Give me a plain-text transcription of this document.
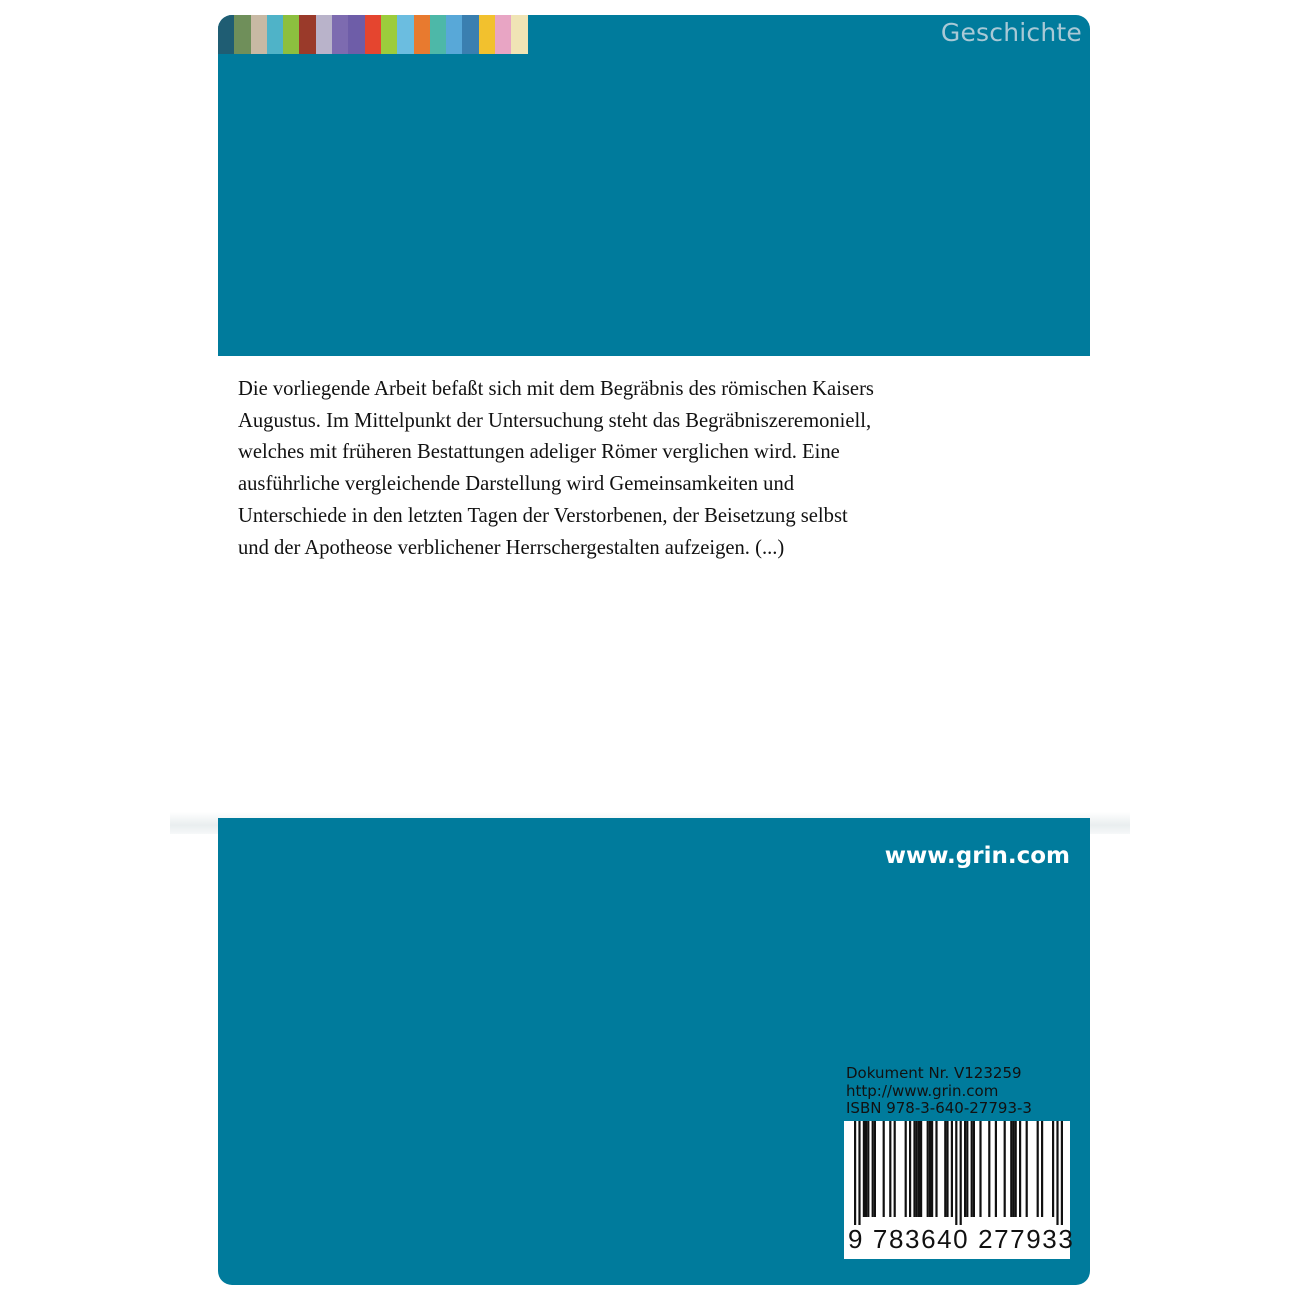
Geschichte
Die vorliegende Arbeit befaßt sich mit dem Begräbnis des römischen Kaisers
Augustus. Im Mittelpunkt der Untersuchung steht das Begräbniszeremoniell,
welches mit früheren Bestattungen adeliger Römer verglichen wird. Eine
ausführliche vergleichende Darstellung wird Gemeinsamkeiten und
Unterschiede in den letzten Tagen der Verstorbenen, der Beisetzung selbst
und der Apotheose verblichener Herrschergestalten aufzeigen. (...)
www.grin.com
Dokument Nr. V123259
http://www.grin.com
ISBN 978-3-640-27793-3
9 783640 277933
